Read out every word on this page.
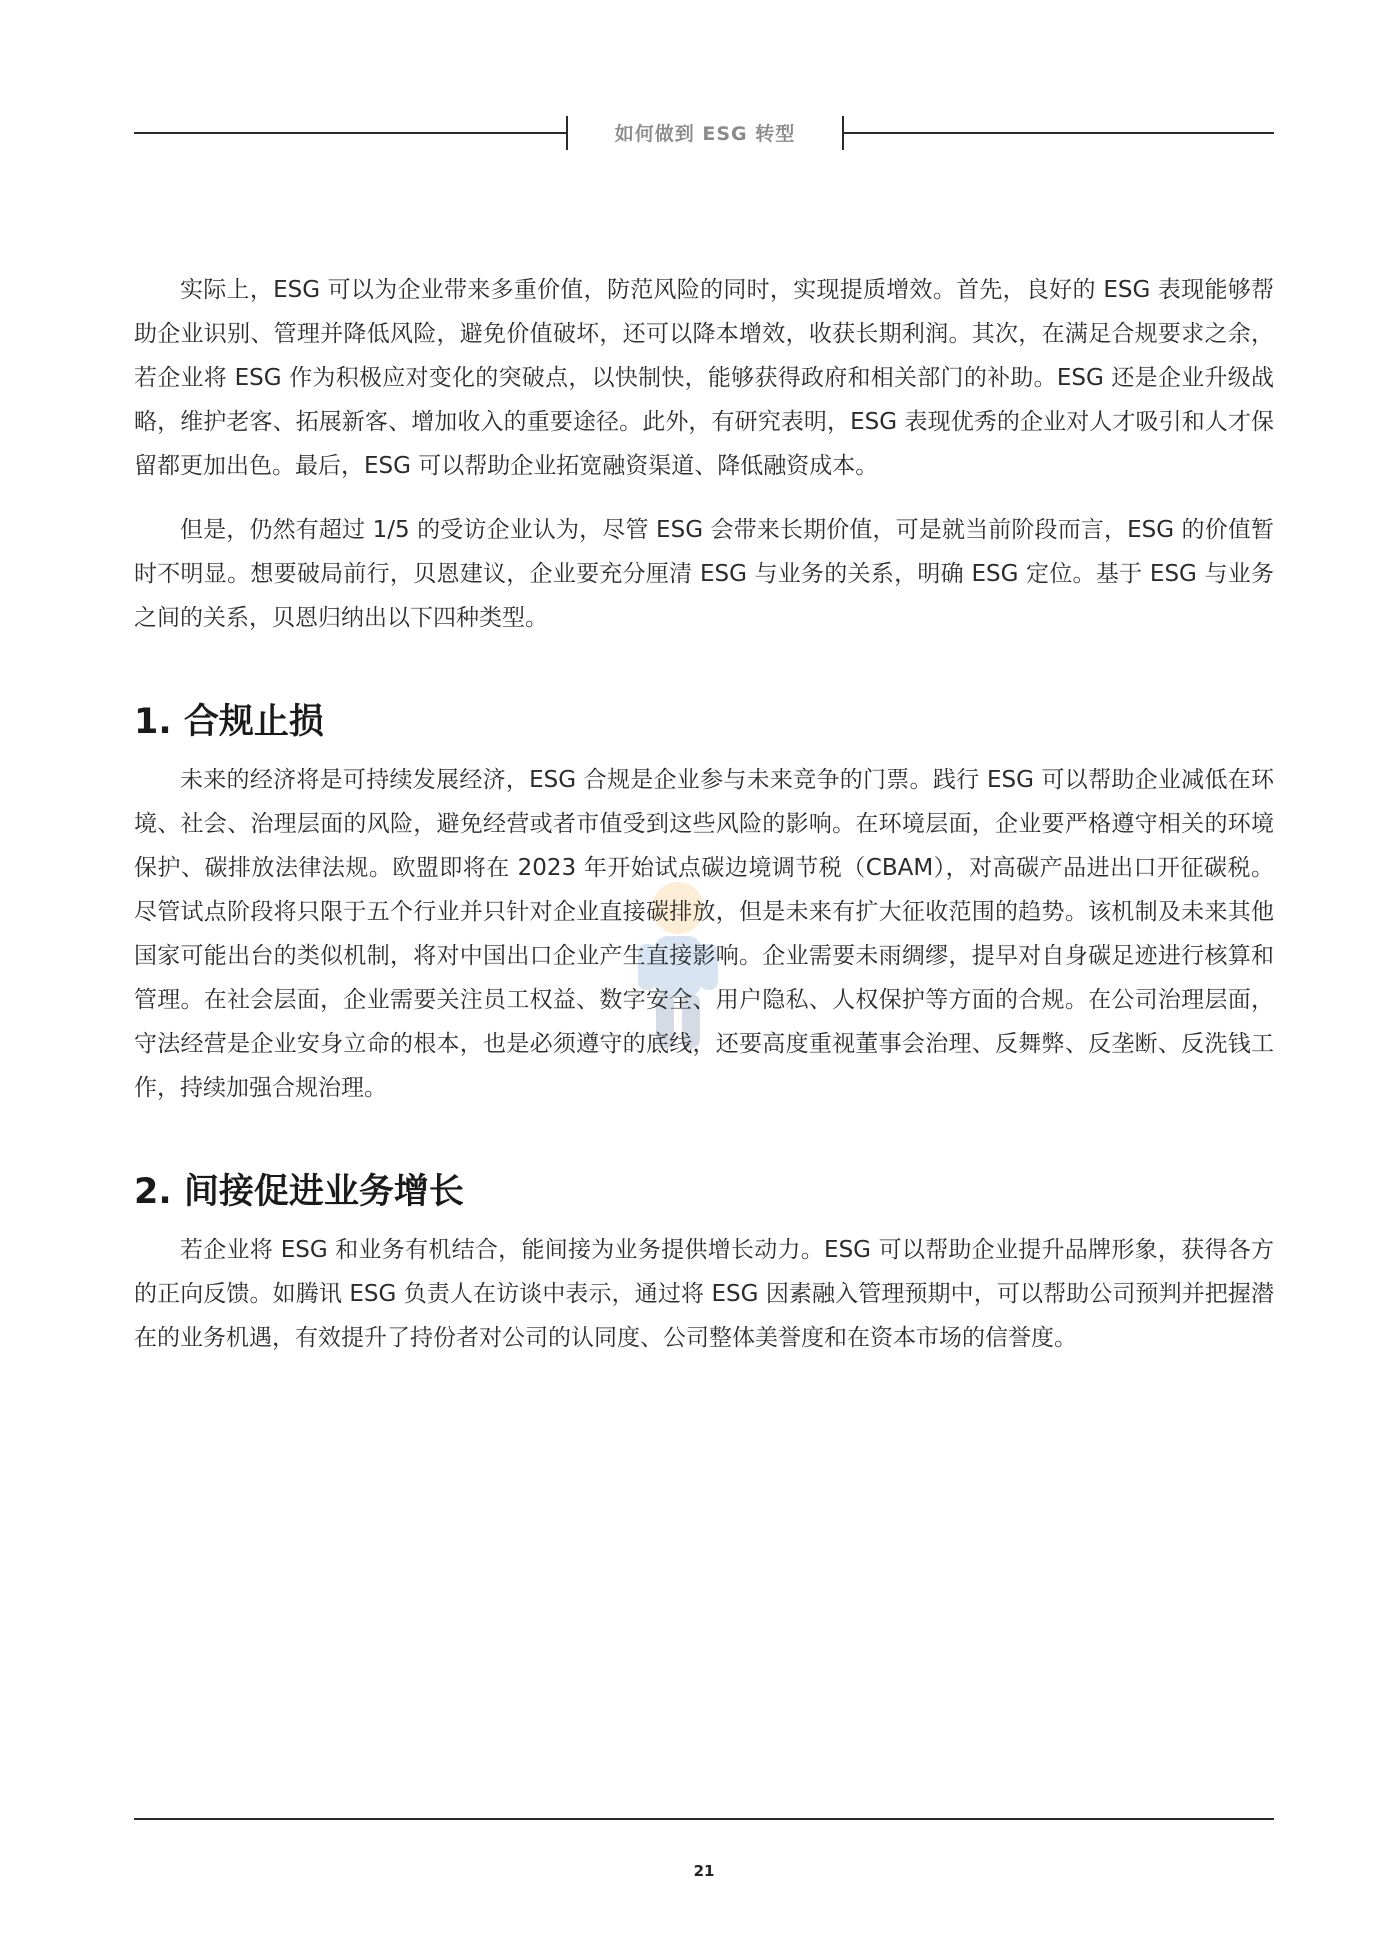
如何做到 ESG 转型

实际上，ESG 可以为企业带来多重价值，防范风险的同时，实现提质增效。首先，良好的 ESG 表现能够帮助企业识别、管理并降低风险，避免价值破坏，还可以降本增效，收获长期利润。其次，在满足合规要求之余，若企业将 ESG 作为积极应对变化的突破点，以快制快，能够获得政府和相关部门的补助。ESG 还是企业升级战略，维护老客、拓展新客、增加收入的重要途径。此外，有研究表明，ESG 表现优秀的企业对人才吸引和人才保留都更加出色。最后，ESG 可以帮助企业拓宽融资渠道、降低融资成本。

但是，仍然有超过 1/5 的受访企业认为，尽管 ESG 会带来长期价值，可是就当前阶段而言，ESG 的价值暂时不明显。想要破局前行，贝恩建议，企业要充分厘清 ESG 与业务的关系，明确 ESG 定位。基于 ESG 与业务之间的关系，贝恩归纳出以下四种类型。

1. 合规止损

未来的经济将是可持续发展经济，ESG 合规是企业参与未来竞争的门票。践行 ESG 可以帮助企业减低在环境、社会、治理层面的风险，避免经营或者市值受到这些风险的影响。在环境层面，企业要严格遵守相关的环境保护、碳排放法律法规。欧盟即将在 2023 年开始试点碳边境调节税（CBAM），对高碳产品进出口开征碳税。尽管试点阶段将只限于五个行业并只针对企业直接碳排放，但是未来有扩大征收范围的趋势。该机制及未来其他国家可能出台的类似机制，将对中国出口企业产生直接影响。企业需要未雨绸缪，提早对自身碳足迹进行核算和管理。在社会层面，企业需要关注员工权益、数字安全、用户隐私、人权保护等方面的合规。在公司治理层面，守法经营是企业安身立命的根本，也是必须遵守的底线，还要高度重视董事会治理、反舞弊、反垄断、反洗钱工作，持续加强合规治理。

2. 间接促进业务增长

若企业将 ESG 和业务有机结合，能间接为业务提供增长动力。ESG 可以帮助企业提升品牌形象，获得各方的正向反馈。如腾讯 ESG 负责人在访谈中表示，通过将 ESG 因素融入管理预期中，可以帮助公司预判并把握潜在的业务机遇，有效提升了持份者对公司的认同度、公司整体美誉度和在资本市场的信誉度。

21
